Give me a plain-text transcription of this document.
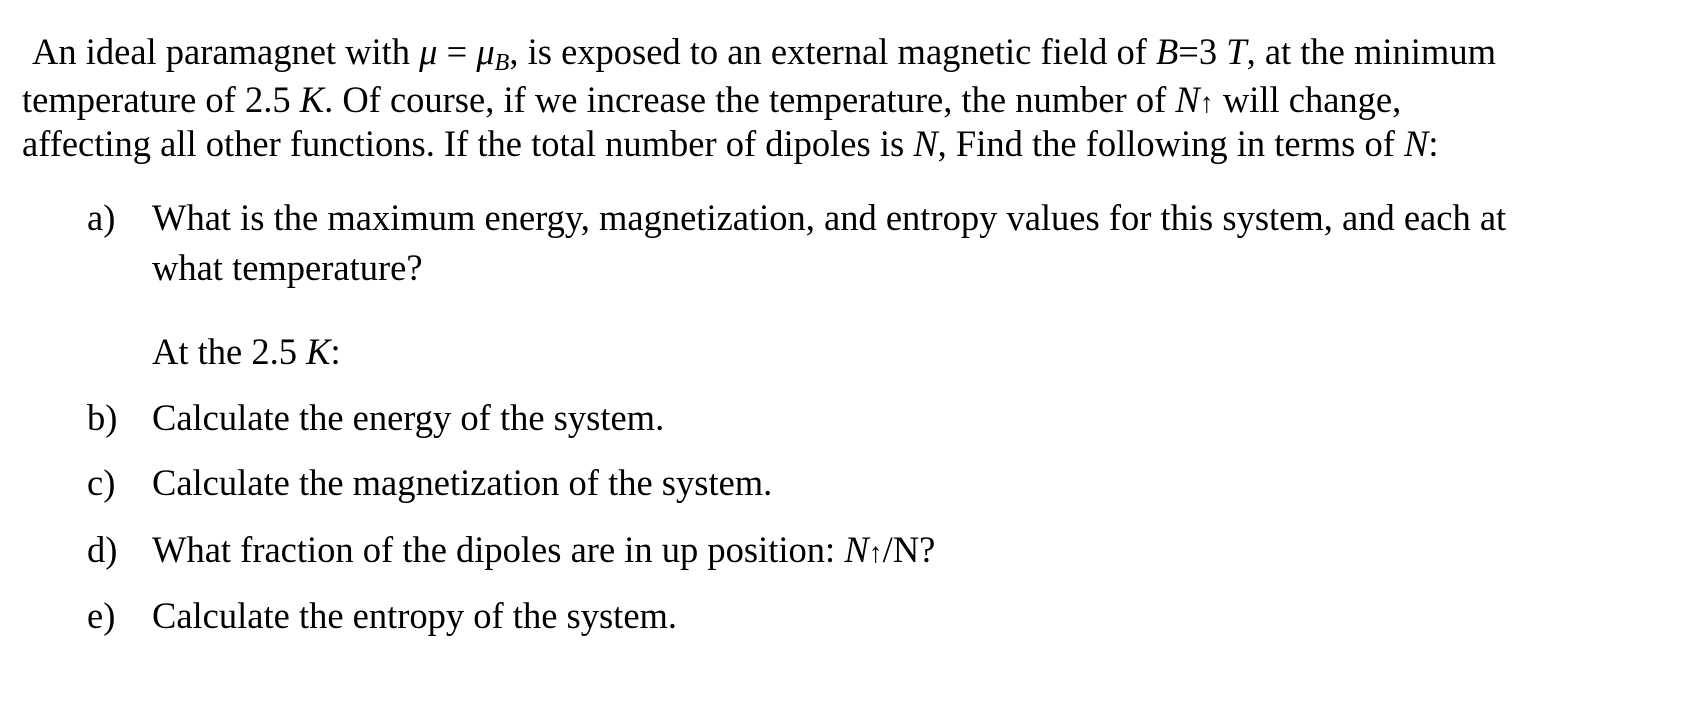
An ideal paramagnet with $\mu = \mu_B$, is exposed to an external magnetic field of B=3 T, at the minimum
temperature of 2.5 K. Of course, if we increase the temperature, the number of N↑ will change,
affecting all other functions. If the total number of dipoles is N, Find the following in terms of N:
a) What is the maximum energy, magnetization, and entropy values for this system, and each at
what temperature?
At the 2.5 K:
b) Calculate the energy of the system.
c) Calculate the magnetization of the system.
d) What fraction of the dipoles are in up position: N↑/N?
e) Calculate the entropy of the system.
